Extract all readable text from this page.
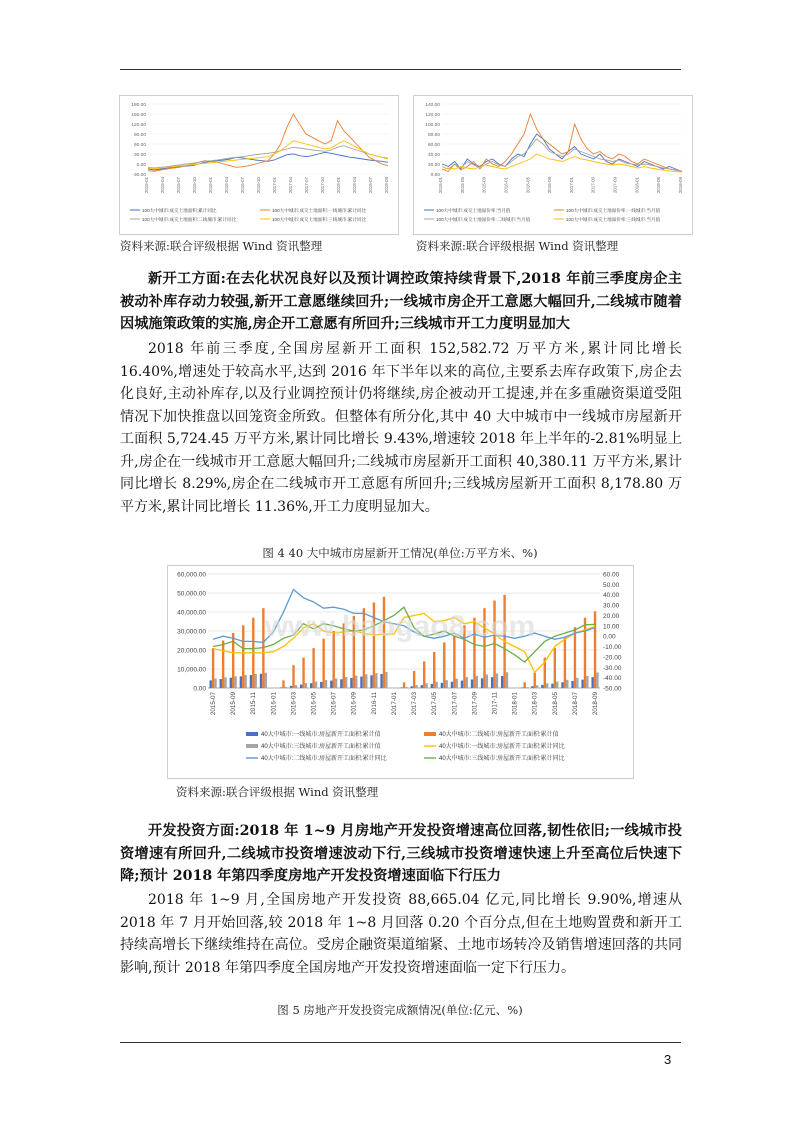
180.00
150.00
120.00
90.00
60.00
30.00
0.00
-30.00
2015-01	2015-04	2015-07	2015-10	2016-01	2016-04	2016-07	2016-10	2017-01	2017-04	2017-07	2017-10	2018-01	2018-04	2018-07	2018-09
100大中城市:成交土地面积:累计同比	100大中城市:成交土地面积:一线城市:累计同比
100大中城市:成交土地面积:二线城市:累计同比	100大中城市:成交土地面积:三线城市:累计同比
140.00
120.00
100.00
80.00
60.00
40.00
20.00
0.00
2015-01	2015-05	2015-09	2016-01	2016-05	2016-09	2017-01	2017-05	2017-09	2018-01	2018-05	2018-09
100大中城市:成交土地溢价率:当月值	100大中城市:成交土地溢价率:一线城市:当月值
100大中城市:成交土地溢价率:二线城市:当月值	100大中城市:成交土地溢价率:三线城市:当月值
资料来源:联合评级根据 Wind 资讯整理	资料来源:联合评级根据 Wind 资讯整理
新开工方面:在去化状况良好以及预计调控政策持续背景下,2018 年前三季度房企主被动补库存动力较强,新开工意愿继续回升;一线城市房企开工意愿大幅回升,二线城市随着因城施策政策的实施,房企开工意愿有所回升;三线城市开工力度明显加大

2018 年前三季度,全国房屋新开工面积 152,582.72 万平方米,累计同比增长 16.40%,增速处于较高水平,达到 2016 年下半年以来的高位,主要系去库存政策下,房企去化良好,主动补库存,以及行业调控预计仍将继续,房企被动开工提速,并在多重融资渠道受阻情况下加快推盘以回笼资金所致。但整体有所分化,其中 40 大中城市中一线城市房屋新开工面积 5,724.45 万平方米,累计同比增长 9.43%,增速较 2018 年上半年的-2.81%明显上升,房企在一线城市开工意愿大幅回升;二线城市房屋新开工面积 40,380.11 万平方米,累计同比增长 8.29%,房企在二线城市开工意愿有所回升;三线城房屋新开工面积 8,178.80 万平方米,累计同比增长 11.36%,开工力度明显加大。

图 4 40 大中城市房屋新开工情况(单位:万平方米、%)
60,000.00
50,000.00
40,000.00
30,000.00
20,000.00
10,000.00
0.00
60.00
50.00
40.00
30.00
20.00
10.00
0.00
-10.00
-20.00
-30.00
-40.00
-50.00
2015-07 2015-09 2015-11 2016-01 2016-03 2016-05 2016-07 2016-09 2016-11 2017-01 2017-03 2017-05 2017-07 2017-09 2017-11 2018-01 2018-03 2018-05 2018-07 2018-09
40大中城市:一线城市:房屋新开工面积:累计值	40大中城市:二线城市:房屋新开工面积:累计值
40大中城市:三线城市:房屋新开工面积:累计值	40大中城市:一线城市:房屋新开工面积:累计同比
40大中城市:二线城市:房屋新开工面积:累计同比	40大中城市:三线城市:房屋新开工面积:累计同比
www.baogao8.com
资料来源:联合评级根据 Wind 资讯整理
开发投资方面:2018 年 1~9 月房地产开发投资增速高位回落,韧性依旧;一线城市投资增速有所回升,二线城市投资增速波动下行,三线城市投资增速快速上升至高位后快速下降;预计 2018 年第四季度房地产开发投资增速面临下行压力

2018 年 1~9 月,全国房地产开发投资 88,665.04 亿元,同比增长 9.90%,增速从 2018 年 7 月开始回落,较 2018 年 1~8 月回落 0.20 个百分点,但在土地购置费和新开工持续高增长下继续维持在高位。受房企融资渠道缩紧、土地市场转冷及销售增速回落的共同影响,预计 2018 年第四季度全国房地产开发投资增速面临一定下行压力。

图 5 房地产开发投资完成额情况(单位:亿元、%)
3
